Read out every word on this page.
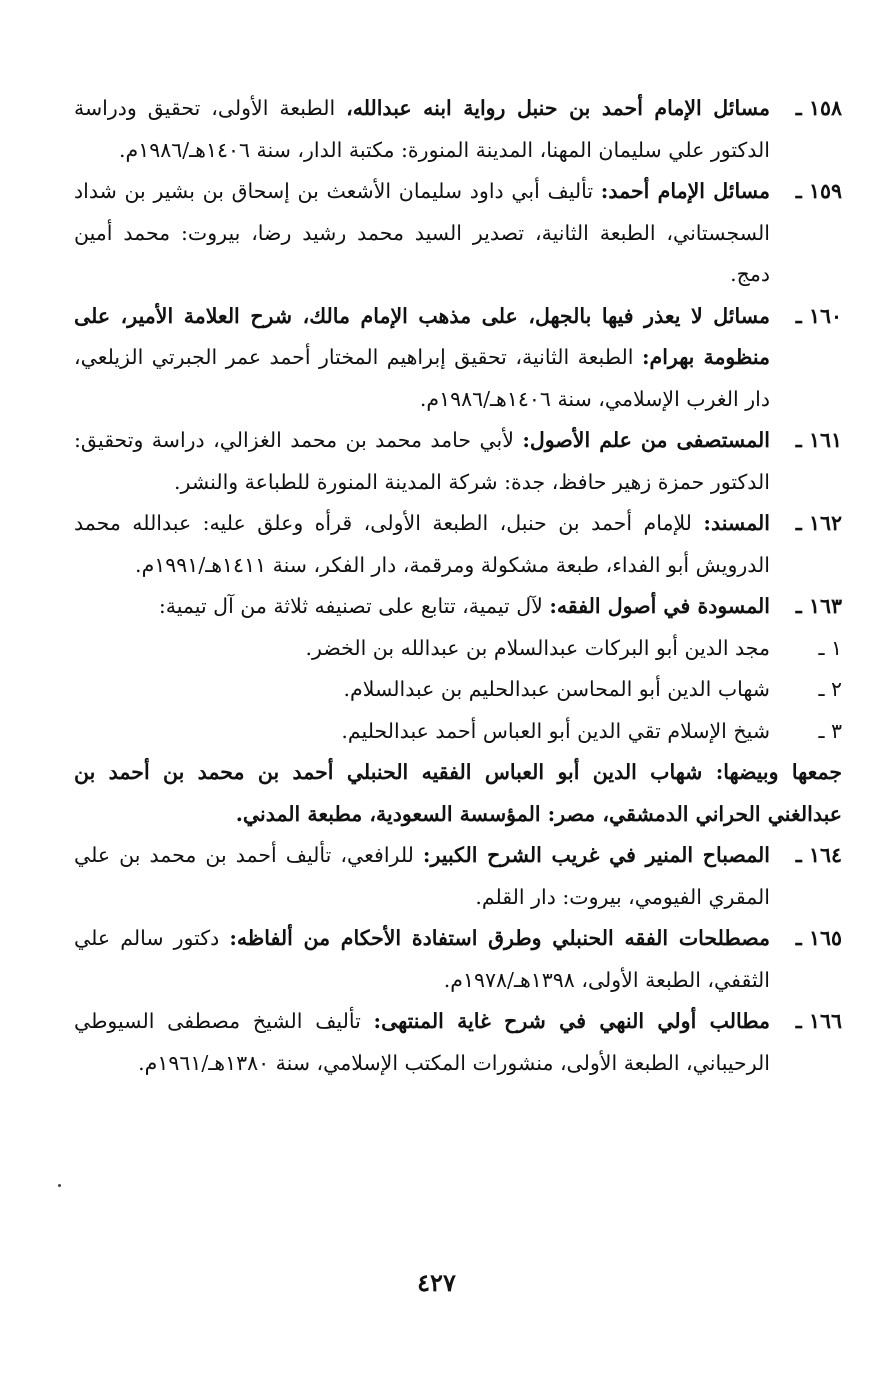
١٥٨ ـ
مسائل الإمام أحمد بن حنبل رواية ابنه عبدالله، الطبعة الأولى، تحقيق ودراسة الدكتور علي سليمان المهنا، المدينة المنورة: مكتبة الدار، سنة ١٤٠٦هـ/١٩٨٦م.

١٥٩ ـ
مسائل الإمام أحمد: تأليف أبي داود سليمان الأشعث بن إسحاق بن بشير بن شداد السجستاني، الطبعة الثانية، تصدير السيد محمد رشيد رضا، بيروت: محمد أمين دمج.

١٦٠ ـ
مسائل لا يعذر فيها بالجهل، على مذهب الإمام مالك، شرح العلامة الأمير، على منظومة بهرام: الطبعة الثانية، تحقيق إبراهيم المختار أحمد عمر الجبرتي الزيلعي، دار الغرب الإسلامي، سنة ١٤٠٦هـ/١٩٨٦م.

١٦١ ـ
المستصفى من علم الأصول: لأبي حامد محمد بن محمد الغزالي، دراسة وتحقيق: الدكتور حمزة زهير حافظ، جدة: شركة المدينة المنورة للطباعة والنشر.

١٦٢ ـ
المسند: للإمام أحمد بن حنبل، الطبعة الأولى، قرأه وعلق عليه: عبدالله محمد الدرويش أبو الفداء، طبعة مشكولة ومرقمة، دار الفكر، سنة ١٤١١هـ/١٩٩١م.

١٦٣ ـ
المسودة في أصول الفقه: لآل تيمية، تتابع على تصنيفه ثلاثة من آل تيمية:

١ ـ
مجد الدين أبو البركات عبدالسلام بن عبدالله بن الخضر.

٢ ـ
شهاب الدين أبو المحاسن عبدالحليم بن عبدالسلام.

٣ ـ
شيخ الإسلام تقي الدين أبو العباس أحمد عبدالحليم.

جمعها وبيضها: شهاب الدين أبو العباس الفقيه الحنبلي أحمد بن محمد بن أحمد بن عبدالغني الحراني الدمشقي، مصر: المؤسسة السعودية، مطبعة المدني.

١٦٤ ـ
المصباح المنير في غريب الشرح الكبير: للرافعي، تأليف أحمد بن محمد بن علي المقري الفيومي، بيروت: دار القلم.

١٦٥ ـ
مصطلحات الفقه الحنبلي وطرق استفادة الأحكام من ألفاظه: دكتور سالم علي الثقفي، الطبعة الأولى، ١٣٩٨هـ/١٩٧٨م.

١٦٦ ـ
مطالب أولي النهي في شرح غاية المنتهى: تأليف الشيخ مصطفى السيوطي الرحيباني، الطبعة الأولى، منشورات المكتب الإسلامي، سنة ١٣٨٠هـ/١٩٦١م.

٤٢٧
